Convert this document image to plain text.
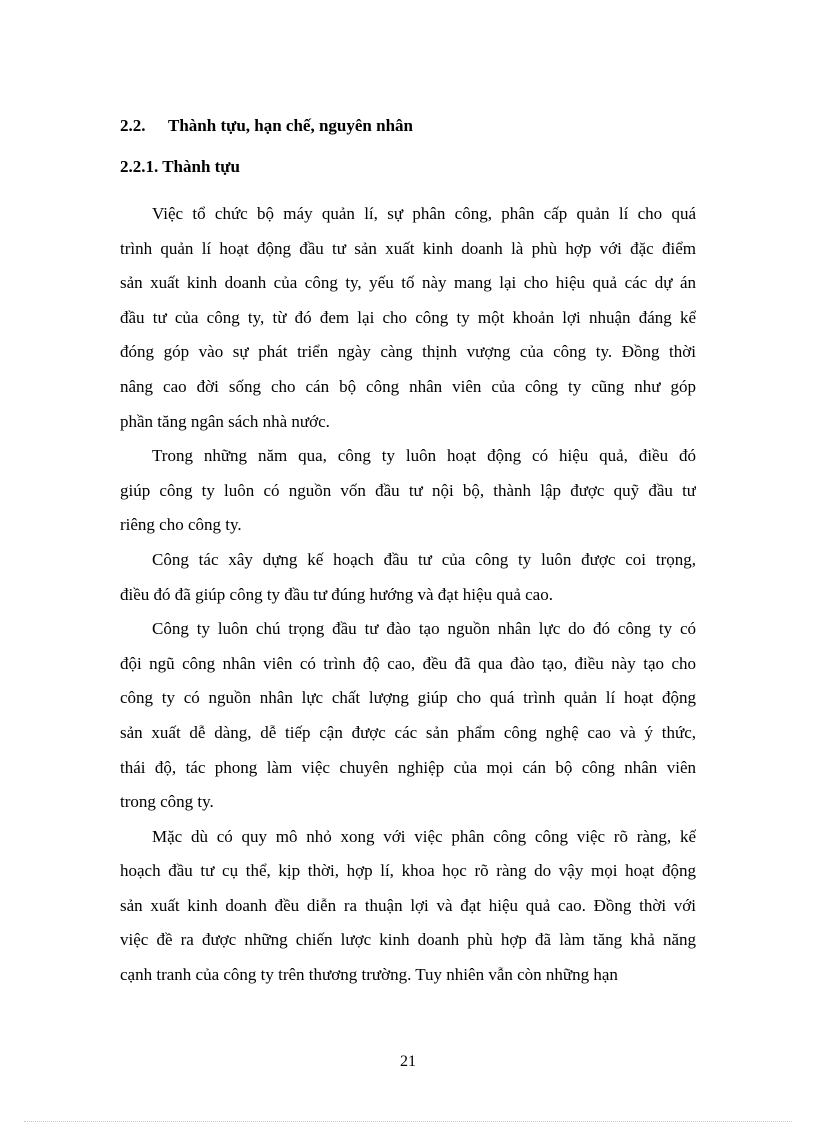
2.2. Thành tựu, hạn chế, nguyên nhân
2.2.1. Thành tựu
Việc tổ chức bộ máy quản lí, sự phân công, phân cấp quản lí cho quá
trình quản lí hoạt động đầu tư sản xuất kinh doanh là phù hợp với đặc điểm
sản xuất kinh doanh của công ty, yếu tố này mang lại cho hiệu quả các dự án
đầu tư của công ty, từ đó đem lại cho công ty một khoản lợi nhuận đáng kể
đóng góp vào sự phát triển ngày càng thịnh vượng của công ty. Đồng thời
nâng cao đời sống cho cán bộ công nhân viên của công ty cũng như góp
phần tăng ngân sách nhà nước.
Trong những năm qua, công ty luôn hoạt động có hiệu quả, điều đó
giúp công ty luôn có nguồn vốn đầu tư nội bộ, thành lập được quỹ đầu tư
riêng cho công ty.
Công tác xây dựng kế hoạch đầu tư của công ty luôn được coi trọng,
điều đó đã giúp công ty đầu tư đúng hướng và đạt hiệu quả cao.
Công ty luôn chú trọng đầu tư đào tạo nguồn nhân lực do đó công ty có
đội ngũ công nhân viên có trình độ cao, đều đã qua đào tạo, điều này tạo cho
công ty có nguồn nhân lực chất lượng giúp cho quá trình quản lí hoạt động
sản xuất dễ dàng, dễ tiếp cận được các sản phẩm công nghệ cao và ý thức,
thái độ, tác phong làm việc chuyên nghiệp của mọi cán bộ công nhân viên
trong công ty.
Mặc dù có quy mô nhỏ xong với việc phân công công việc rõ ràng, kế
hoạch đầu tư cụ thể, kịp thời, hợp lí, khoa học rõ ràng do vậy mọi hoạt động
sản xuất kinh doanh đều diễn ra thuận lợi và đạt hiệu quả cao. Đồng thời với
việc đề ra được những chiến lược kinh doanh phù hợp đã làm tăng khả năng
cạnh tranh của công ty trên thương trường. Tuy nhiên vẫn còn những hạn
21
